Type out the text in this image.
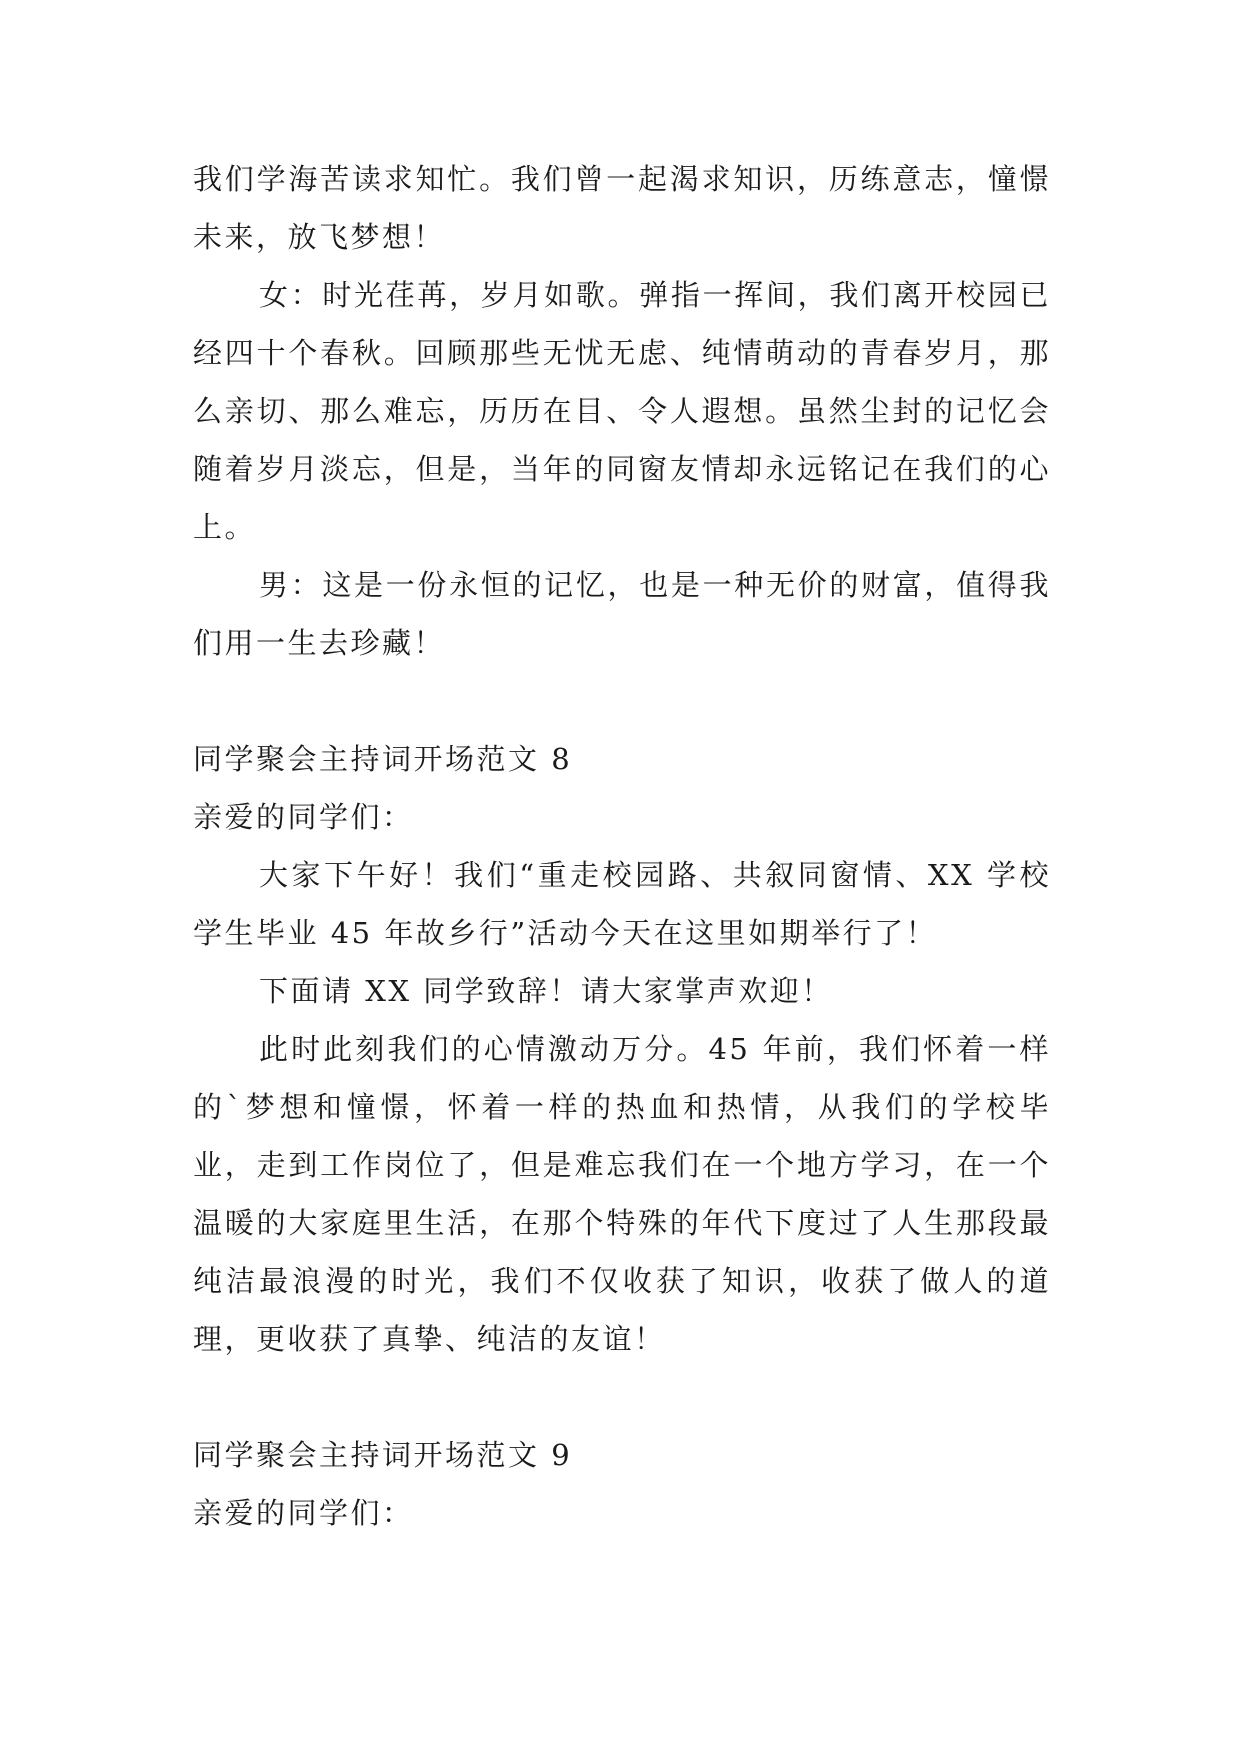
我们学海苦读求知忙。我们曾一起渴求知识，历练意志，憧憬未来，放飞梦想！

女：时光荏苒，岁月如歌。弹指一挥间，我们离开校园已经四十个春秋。回顾那些无忧无虑、纯情萌动的青春岁月，那么亲切、那么难忘，历历在目、令人遐想。虽然尘封的记忆会随着岁月淡忘，但是，当年的同窗友情却永远铭记在我们的心上。

男：这是一份永恒的记忆，也是一种无价的财富，值得我们用一生去珍藏！

同学聚会主持词开场范文 8

亲爱的同学们：

大家下午好！我们“重走校园路、共叙同窗情、XX 学校学生毕业 45 年故乡行”活动今天在这里如期举行了！

下面请 XX 同学致辞！请大家掌声欢迎！

此时此刻我们的心情激动万分。45 年前，我们怀着一样的`梦想和憧憬，怀着一样的热血和热情，从我们的学校毕业，走到工作岗位了，但是难忘我们在一个地方学习，在一个温暖的大家庭里生活，在那个特殊的年代下度过了人生那段最纯洁最浪漫的时光，我们不仅收获了知识，收获了做人的道理，更收获了真挚、纯洁的友谊！

同学聚会主持词开场范文 9

亲爱的同学们：
